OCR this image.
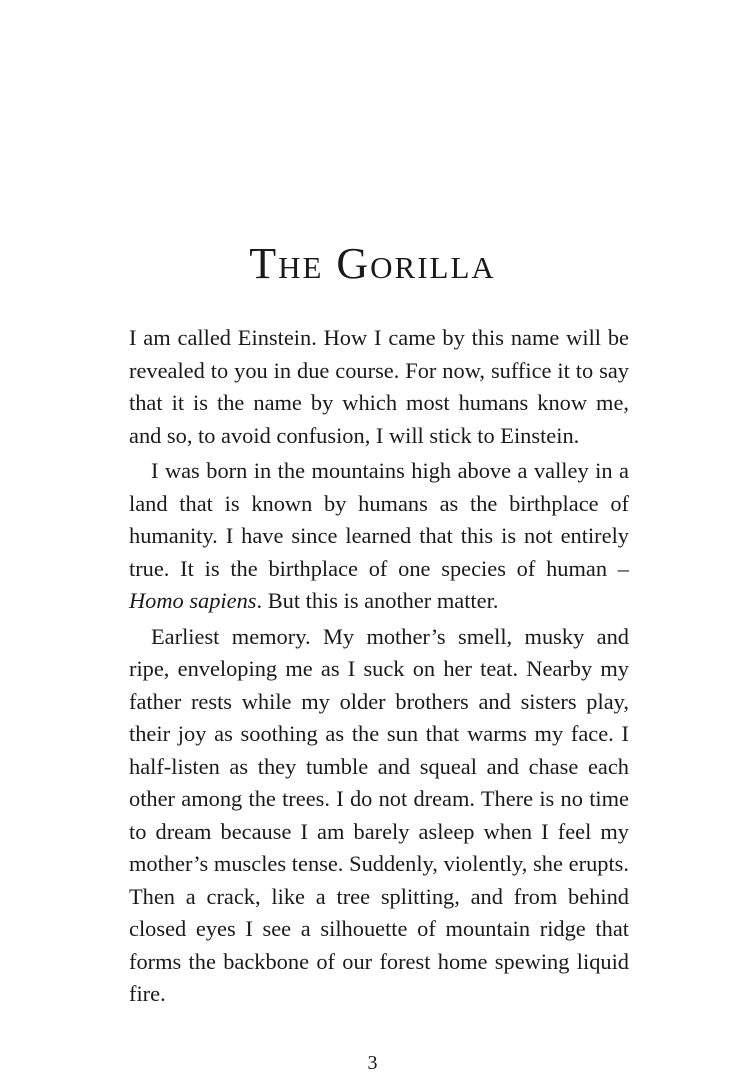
The Gorilla

I am called Einstein. How I came by this name will be revealed to you in due course. For now, suffice it to say that it is the name by which most humans know me, and so, to avoid confusion, I will stick to Einstein.

I was born in the mountains high above a valley in a land that is known by humans as the birthplace of humanity. I have since learned that this is not entirely true. It is the birthplace of one species of human – Homo sapiens. But this is another matter.

Earliest memory. My mother’s smell, musky and ripe, enveloping me as I suck on her teat. Nearby my father rests while my older brothers and sisters play, their joy as soothing as the sun that warms my face. I half-listen as they tumble and squeal and chase each other among the trees. I do not dream. There is no time to dream because I am barely asleep when I feel my mother’s muscles tense. Suddenly, violently, she erupts. Then a crack, like a tree splitting, and from behind closed eyes I see a silhouette of mountain ridge that forms the backbone of our forest home spewing liquid fire.

3
